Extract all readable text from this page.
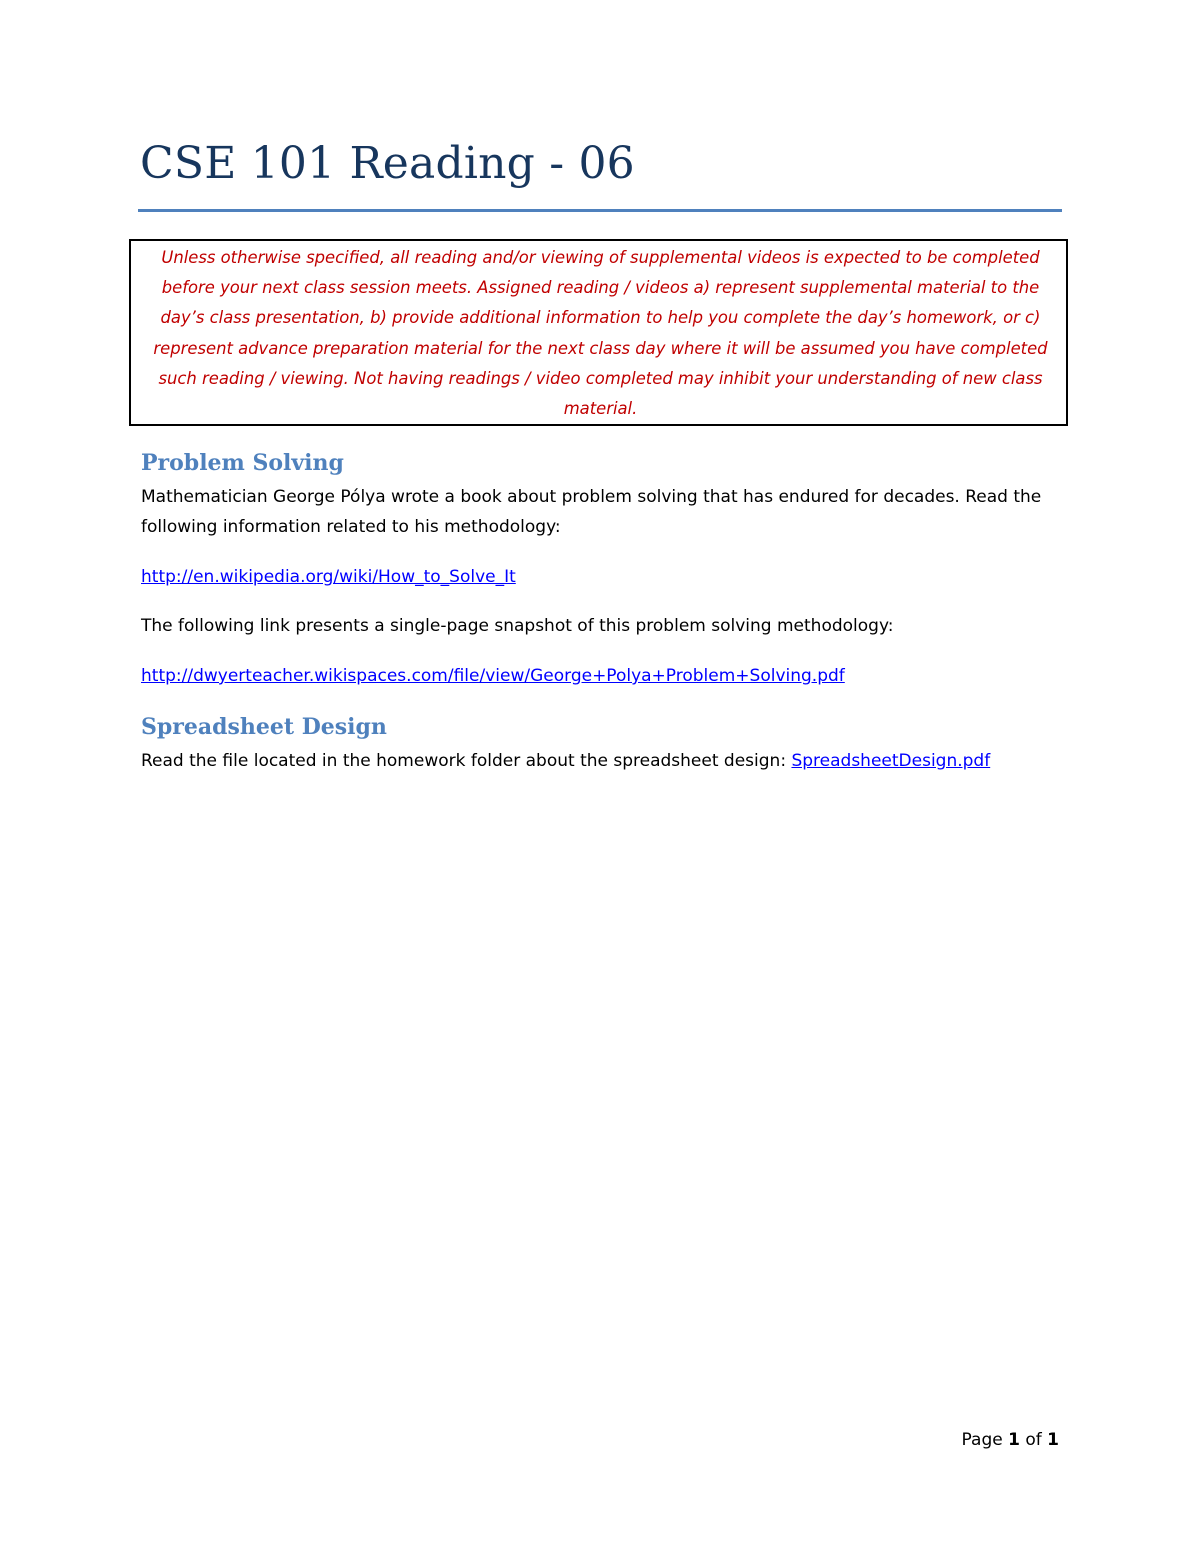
CSE 101 Reading - 06

Unless otherwise specified, all reading and/or viewing of supplemental videos is expected to be completed before your next class session meets. Assigned reading / videos a) represent supplemental material to the day’s class presentation, b) provide additional information to help you complete the day’s homework, or c) represent advance preparation material for the next class day where it will be assumed you have completed such reading / viewing. Not having readings / video completed may inhibit your understanding of new class material.

Problem Solving

Mathematician George Pólya wrote a book about problem solving that has endured for decades. Read the following information related to his methodology:

http://en.wikipedia.org/wiki/How_to_Solve_It

The following link presents a single-page snapshot of this problem solving methodology:

http://dwyerteacher.wikispaces.com/file/view/George+Polya+Problem+Solving.pdf

Spreadsheet Design

Read the file located in the homework folder about the spreadsheet design: SpreadsheetDesign.pdf

Page 1 of 1
